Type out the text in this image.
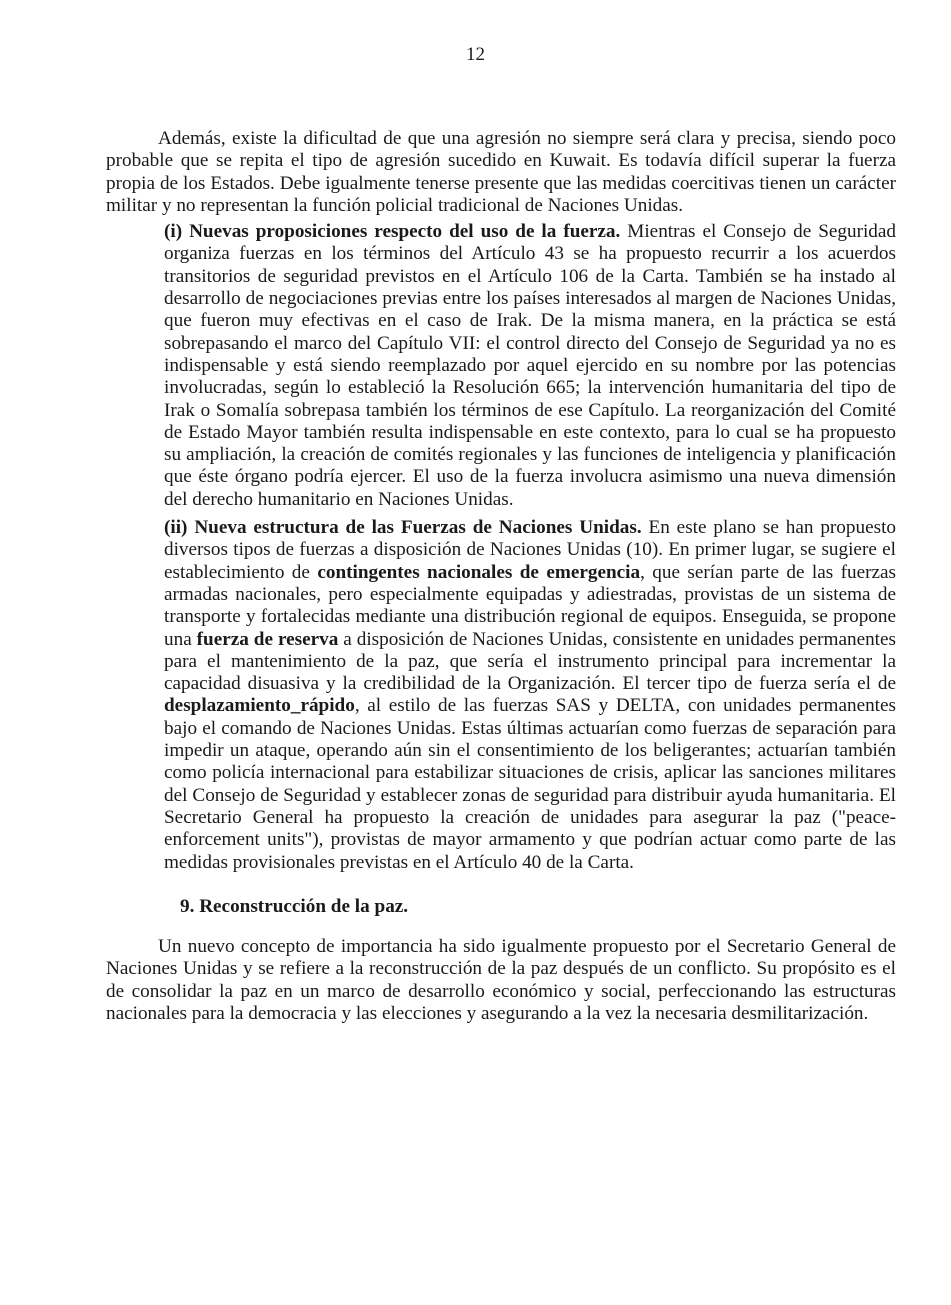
12

Además, existe la dificultad de que una agresión no siempre será clara y precisa, siendo poco probable que se repita el tipo de agresión sucedido en Kuwait. Es todavía difícil superar la fuerza propia de los Estados. Debe igualmente tenerse presente que las medidas coercitivas tienen un carácter militar y no representan la función policial tradicional de Naciones Unidas.

(i) Nuevas proposiciones respecto del uso de la fuerza. Mientras el Consejo de Seguridad organiza fuerzas en los términos del Artículo 43 se ha propuesto recurrir a los acuerdos transitorios de seguridad previstos en el Artículo 106 de la Carta. También se ha instado al desarrollo de negociaciones previas entre los países interesados al margen de Naciones Unidas, que fueron muy efectivas en el caso de Irak. De la misma manera, en la práctica se está sobrepasando el marco del Capítulo VII: el control directo del Consejo de Seguridad ya no es indispensable y está siendo reemplazado por aquel ejercido en su nombre por las potencias involucradas, según lo estableció la Resolución 665; la intervención humanitaria del tipo de Irak o Somalía sobrepasa también los términos de ese Capítulo. La reorganización del Comité de Estado Mayor también resulta indispensable en este contexto, para lo cual se ha propuesto su ampliación, la creación de comités regionales y las funciones de inteligencia y planificación que éste órgano podría ejercer. El uso de la fuerza involucra asimismo una nueva dimensión del derecho humanitario en Naciones Unidas.

(ii) Nueva estructura de las Fuerzas de Naciones Unidas. En este plano se han propuesto diversos tipos de fuerzas a disposición de Naciones Unidas (10). En primer lugar, se sugiere el establecimiento de contingentes nacionales de emergencia, que serían parte de las fuerzas armadas nacionales, pero especialmente equipadas y adiestradas, provistas de un sistema de transporte y fortalecidas mediante una distribución regional de equipos. Enseguida, se propone una fuerza de reserva a disposición de Naciones Unidas, consistente en unidades permanentes para el mantenimiento de la paz, que sería el instrumento principal para incrementar la capacidad disuasiva y la credibilidad de la Organización. El tercer tipo de fuerza sería el de desplazamiento_rápido, al estilo de las fuerzas SAS y DELTA, con unidades permanentes bajo el comando de Naciones Unidas. Estas últimas actuarían como fuerzas de separación para impedir un ataque, operando aún sin el consentimiento de los beligerantes; actuarían también como policía internacional para estabilizar situaciones de crisis, aplicar las sanciones militares del Consejo de Seguridad y establecer zonas de seguridad para distribuir ayuda humanitaria. El Secretario General ha propuesto la creación de unidades para asegurar la paz ("peace-enforcement units"), provistas de mayor armamento y que podrían actuar como parte de las medidas provisionales previstas en el Artículo 40 de la Carta.

9. Reconstrucción de la paz.

Un nuevo concepto de importancia ha sido igualmente propuesto por el Secretario General de Naciones Unidas y se refiere a la reconstrucción de la paz después de un conflicto. Su propósito es el de consolidar la paz en un marco de desarrollo económico y social, perfeccionando las estructuras nacionales para la democracia y las elecciones y asegurando a la vez la necesaria desmilitarización.
